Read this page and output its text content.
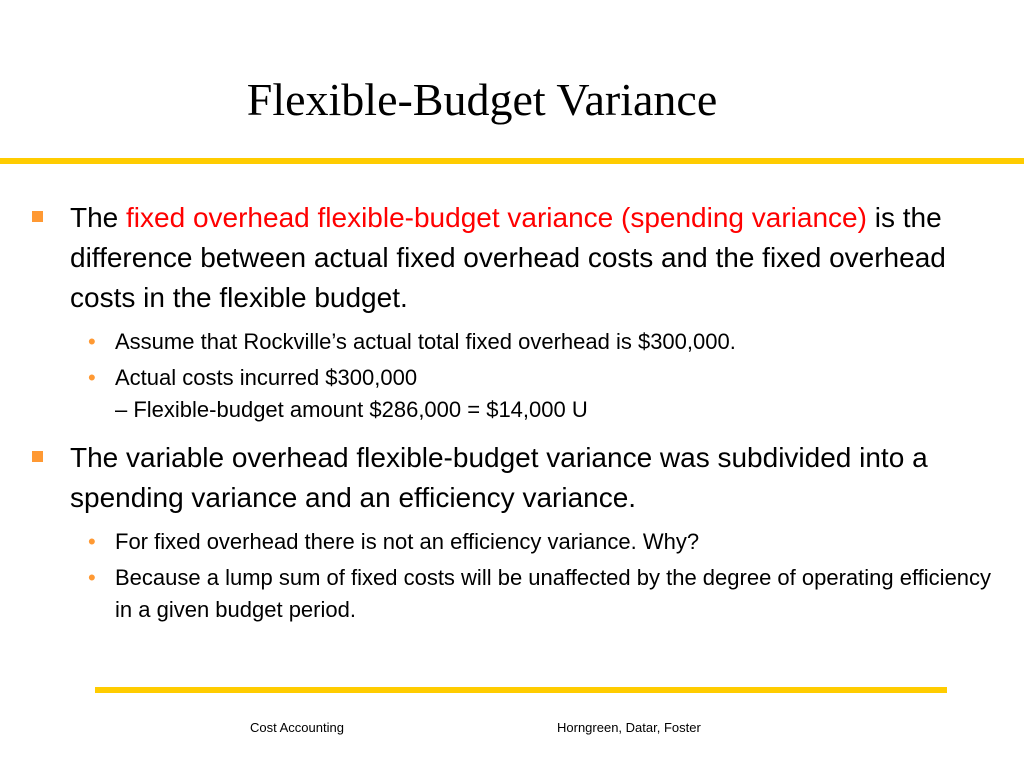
Flexible-Budget Variance
The fixed overhead flexible-budget variance (spending variance) is the difference between actual fixed overhead costs and the fixed overhead costs in the flexible budget.
• Assume that Rockville’s actual total fixed overhead is $300,000.
• Actual costs incurred $300,000
– Flexible-budget amount $286,000 = $14,000 U
The variable overhead flexible-budget variance was subdivided into a spending variance and an efficiency variance.
• For fixed overhead there is not an efficiency variance. Why?
• Because a lump sum of fixed costs will be unaffected by the degree of operating efficiency in a given budget period.
Cost Accounting	Horngreen, Datar, Foster
